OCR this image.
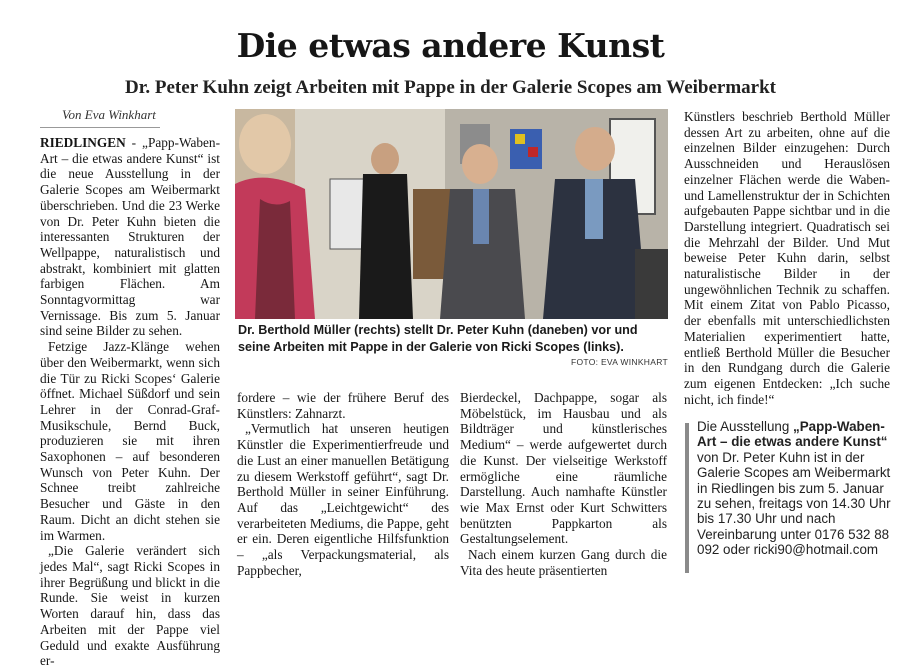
Die etwas andere Kunst
Dr. Peter Kuhn zeigt Arbeiten mit Pappe in der Galerie Scopes am Weibermarkt
Von Eva Winkhart

RIEDLINGEN - „Papp-Waben-Art – die etwas andere Kunst“ ist die neue Ausstellung in der Galerie Scopes am Weibermarkt überschrieben. Und die 23 Werke von Dr. Peter Kuhn bieten die interessanten Strukturen der Wellpappe, naturalistisch und abstrakt, kombiniert mit glatten farbigen Flächen. Am Sonntagvormittag war Vernissage. Bis zum 5. Januar sind seine Bilder zu sehen.

Fetzige Jazz-Klänge wehen über den Weibermarkt, wenn sich die Tür zu Ricki Scopes‘ Galerie öffnet. Michael Süßdorf und sein Lehrer in der Conrad-Graf-Musikschule, Bernd Buck, produzieren sie mit ihren Saxophonen – auf besonderen Wunsch von Peter Kuhn. Der Schnee treibt zahlreiche Besucher und Gäste in den Raum. Dicht an dicht stehen sie im Warmen.

„Die Galerie verändert sich jedes Mal“, sagt Ricki Scopes in ihrer Begrüßung und blickt in die Runde. Sie weist in kurzen Worten darauf hin, dass das Arbeiten mit der Pappe viel Geduld und exakte Ausführung er-

Dr. Berthold Müller (rechts) stellt Dr. Peter Kuhn (daneben) vor und seine Arbeiten mit Pappe in der Galerie von Ricki Scopes (links).
FOTO: EVA WINKHART

fordere – wie der frühere Beruf des Künstlers: Zahnarzt.

„Vermutlich hat unseren heutigen Künstler die Experimentierfreude und die Lust an einer manuellen Betätigung zu diesem Werkstoff geführt“, sagt Dr. Berthold Müller in seiner Einführung. Auf das „Leichtgewicht“ des verarbeiteten Mediums, die Pappe, geht er ein. Deren eigentliche Hilfsfunktion – „als Verpackungsmaterial, als Pappbecher,

Bierdeckel, Dachpappe, sogar als Möbelstück, im Hausbau und als Bildträger und künstlerisches Medium“ – werde aufgewertet durch die Kunst. Der vielseitige Werkstoff ermögliche eine räumliche Darstellung. Auch namhafte Künstler wie Max Ernst oder Kurt Schwitters benützten Pappkarton als Gestaltungselement.

Nach einem kurzen Gang durch die Vita des heute präsentierten

Künstlers beschrieb Berthold Müller dessen Art zu arbeiten, ohne auf die einzelnen Bilder einzugehen: Durch Ausschneiden und Herauslösen einzelner Flächen werde die Waben- und Lamellenstruktur der in Schichten aufgebauten Pappe sichtbar und in die Darstellung integriert. Quadratisch sei die Mehrzahl der Bilder. Und Mut beweise Peter Kuhn darin, selbst naturalistische Bilder in der ungewöhnlichen Technik zu schaffen. Mit einem Zitat von Pablo Picasso, der ebenfalls mit unterschiedlichsten Materialien experimentiert hatte, entließ Berthold Müller die Besucher in den Rundgang durch die Galerie zum eigenen Entdecken: „Ich suche nicht, ich finde!“

Die Ausstellung „Papp-Waben-Art – die etwas andere Kunst“ von Dr. Peter Kuhn ist in der Galerie Scopes am Weibermarkt in Riedlingen bis zum 5. Januar zu sehen, freitags von 14.30 Uhr bis 17.30 Uhr und nach Vereinbarung unter 0176 532 88 092 oder ricki90@hotmail.com
